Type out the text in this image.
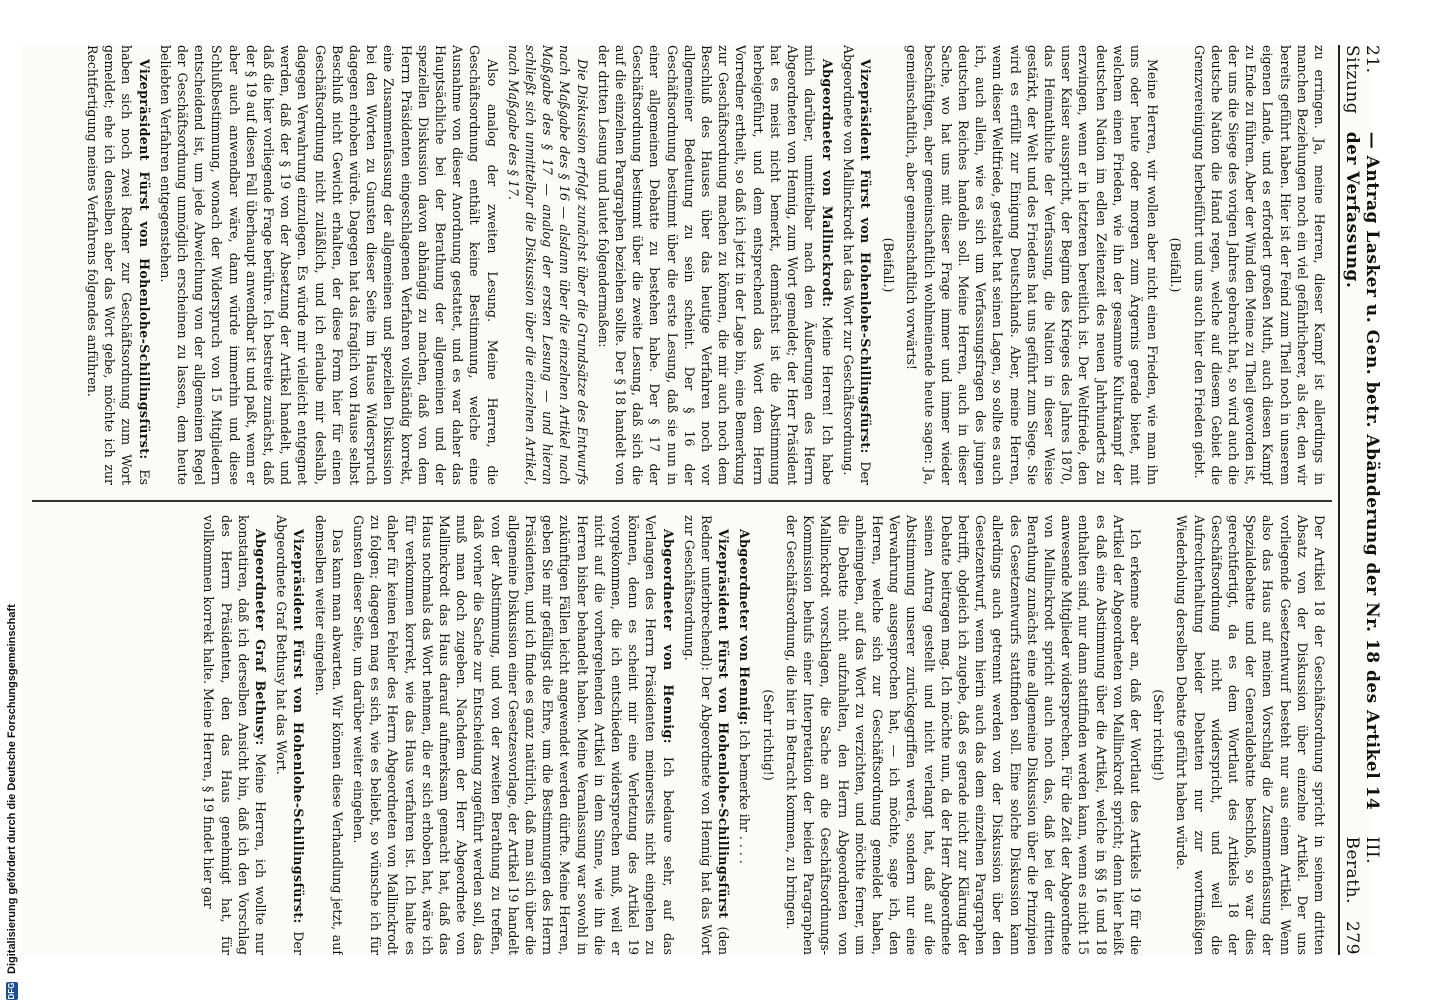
21. Sitzung
— Antrag Lasker u. Gen. betr. Abänderung der Nr. 18 des Artikel 14 der Verfassung.
III. Berath.
279

zu erringen. Ja, meine Herren, dieser Kampf ist allerdings in manchen Beziehungen noch ein viel gefährlicherer, als der, den wir bereits geführt haben. Hier ist der Feind zum Theil noch in unserem eigenen Lande, und es erfordert großen Muth, auch diesen Kampf zu Ende zu führen. Aber der Wind den Meine zu Theil geworden ist, der uns die Siege des vorigen Jahres gebracht hat, so wird auch die deutsche Nation die Hand regen, welche auf diesem Gebiet die Grenzvereinigung herbeiführt und uns auch hier den Frieden giebt.

(Beifall.)

Meine Herren, wir wollen aber nicht einen Frieden, wie man ihn uns oder heute oder morgen zum Ärgernis gerade bietet, mit welchem einen Frieden, wie ihn der gesammte Kulturkampf der deutschen Nation im edlen Zeitenzeit des neuen Jahrhunderts zu erzwingen, wenn er in letzteren bereitlich ist. Der Weltfriede, den unser Kaiser ausspricht, der Beginn des Krieges des Jahres 1870, das Heimathliche der Verfassung, die Nation in dieser Weise gestärkt, der Welt und des Friedens hat uns geführt zum Siege. Sie wird es erfüllt zur Einigung Deutschlands. Aber, meine Herren, wenn dieser Weltfriede, gestaltet hat seinen Lagen, so sollte es auch ich, auch allein, wie es sich um Verfassungsfragen des jungen deutschen Reiches handeln soll. Meine Herren, auch in dieser Sache, wo hat uns mit dieser Frage immer und immer wieder beschäftigen, aber gemeinschaftlich wohlmeinende heute sagen: Ja, gemeinschaftlich, aber gemeinschaftlich vorwärts!

(Beifall.)

Vizepräsident Fürst von Hohenlohe-Schillingsfürst: Der Abgeordnete von Mallinckrodt hat das Wort zur Geschäftsordnung.

Abgeordneter von Mallinckrodt: Meine Herren! Ich habe mich darüber, unmittelbar nach den Äußerungen des Herrn Abgeordneten von Hennig, zum Wort gemeldet; der Herr Präsident hat es meist nicht bemerkt, demnächst ist die Abstimmung herbeigeführt, und dem entsprechend das Wort dem Herrn Vorredner ertheilt, so daß ich jetzt in der Lage bin, eine Bemerkung zur Geschäftsordnung machen zu können, die mir auch noch dem Beschluß des Hauses über das heutige Verfahren noch vor allgemeiner Bedeutung zu sein scheint. Der § 16 der Geschäftsordnung bestimmt über die erste Lesung, daß sie nun in einer allgemeinen Debatte zu bestehen habe. Der § 17 der Geschäftsordnung bestimmt über die zweite Lesung, daß sich die auf die einzelnen Paragraphen beziehen sollte. Der § 18 handelt von der dritten Lesung und lautet folgendermaßen:

Die Diskussion erfolgt zunächst über die Grundsätze des Entwurfs nach Maßgabe des § 16 — alsdann über die einzelnen Artikel nach Maßgabe des § 17 — analog der ersten Lesung — und hieran schließt sich unmittelbar die Diskussion über die einzelnen Artikel, nach Maßgabe des § 17.

Also analog der zweiten Lesung. Meine Herren, die Geschäftsordnung enthält keine Bestimmung, welche eine Ausnahme von dieser Anordnung gestattet, und es war daher das Hauptsächliche bei der Berathung der allgemeinen und der speziellen Diskussion davon abhängig zu machen, daß von dem Herrn Präsidenten eingeschlagenen Verfahren vollständig korrekt, eine Zusammenfassung der allgemeinen und speziellen Diskussion bei den Worten zu Gunsten dieser Seite im Hause Widerspruch dagegen erhoben würde. Dagegen hat das fraglich von Hause selbst Beschluß nicht Gewicht erhalten, der diese Form hier für einen Geschäftsordnung nicht zuläßlich, und ich erlaube mir deshalb, dagegen Verwahrung einzulegen. Es würde mir vielleicht entgegnet werden, daß der § 19 von der Absetzung der Artikel handelt, und daß die hier vorliegende Frage berühre. Ich bestreite zunächst, daß der § 19 auf diesen Fall überhaupt anwendbar ist und paßt, wenn er aber auch anwendbar wäre, dann würde immerhin und diese Schlußbestimmung, wonach der Widerspruch von 15 Mitgliedern entscheidend ist, um jede Abweichung von der allgemeinen Regel der Geschäftsordnung unmöglich erscheinen zu lassen, dem heute beliebten Verfahren entgegenstehen.

Vizepräsident Fürst von Hohenlohe-Schillingsfürst: Es haben sich noch zwei Redner zur Geschäftsordnung zum Wort gemeldet; ehe ich denselben aber das Wort gebe, möchte ich zur Rechtfertigung meines Verfahrens folgendes anführen.

Der Artikel 18 der Geschäftsordnung spricht in seinem dritten Absatz von der Diskussion über einzelne Artikel. Der uns vorliegende Gesetzentwurf besteht nur aus einem Artikel. Wenn also das Haus auf meinen Vorschlag die Zusammenfassung der Spezialdebatte und der Generaldebatte beschloß, so war dies gerechtfertigt, da es dem Wortlaut des Artikels 18 der Geschäftsordnung nicht widerspricht, und weil die Aufrechterhaltung beider Debatten nur zur wortmäßigen Wiederholung derselben Debatte geführt haben würde.

(Sehr richtig!)

Ich erkenne aber an, daß der Wortlaut des Artikels 19 für die Artikel der Abgeordneten von Mallinckrodt spricht; denn hier heißt es daß eine Abstimmung über die Artikel, welche in §§ 16 und 18 enthalten sind, nur dann stattfinden werden kann, wenn es nicht 15 anwesende Mitglieder widersprechen. Für die Zeit der Abgeordnete von Mallinckrodt spricht auch noch das, daß bei der dritten Berathung zunächst eine allgemeine Diskussion über die Prinzipien des Gesetzentwurfs stattfinden soll. Eine solche Diskussion kann allerdings auch getrennt werden von der Diskussion über den Gesetzentwurf, wenn hierin auch das dem einzelnen Paragraphen betrifft, obgleich ich zugebe, daß es gerade nicht zur Klärung der Debatte beitragen mag. Ich möchte nun, da der Herr Abgeordnete seinen Antrag gestellt und nicht verlangt hat, daß auf die Abstimmung unserer zurückgegriffen werde, sondern nur eine Verwahrung ausgesprochen hat, — ich möchte, sage ich, den Herren, welche sich zur Geschäftsordnung gemeldet haben, anheimgeben, auf das Wort zu verzichten, und möchte ferner, um die Debatte nicht aufzuhalten, den Herrn Abgeordneten von Mallinckrodt vorschlagen, die Sache an die Geschäftsordnungs-Kommission behufs einer Interpretation der beiden Paragraphen der Geschäftsordnung, die hier in Betracht kommen, zu bringen.

(Sehr richtig!)

Abgeordneter von Hennig: Ich bemerke ihr . . . .

Vizepräsident Fürst von Hohenlohe-Schillingsfürst (den Redner unterbrechend): Der Abgeordnete von Hennig hat das Wort zur Geschäftsordnung.

Abgeordneter von Hennig: Ich bedaure sehr, auf das Verlangen des Herrn Präsidenten meinerseits nicht eingehen zu können, denn es scheint mir eine Verletzung des Artikel 19 vorgekommen, die ich entschieden widersprechen muß, weil er nicht auf die vorhergehenden Artikel in dem Sinne, wie ihn die Herren bisher behandelt haben. Meine Veranlassung war sowohl in zukünftigen Fällen leicht angewendet werden dürfte. Meine Herren, geben Sie mir gefälligst die Ehre, um die Bestimmungen des Herrn Präsidenten, und ich finde es ganz natürlich, daß man sich über die allgemeine Diskussion einer Gesetzesvorlage, der Artikel 19 handelt von der Abstimmung, und von der zweiten Berathung zu treffen, daß vorher die Sache zur Entscheidung zugeführt werden soll, das muß man doch zugeben. Nachdem der Herr Abgeordnete von Mallinckrodt das Haus darauf aufmerksam gemacht hat, daß das Haus nochmals das Wort nehmen, die er sich erhoben hat, wäre ich für verkommen korrekt, wie das Haus verfahren ist. Ich halte es daher für keinen Fehler des Herrn Abgeordneten von Mallinckrodt zu folgen; dagegen mag es sich, wie es beliebt, so wünsche ich für Gunsten dieser Seite, um darüber weiter eingehen.

Das kann man abwarten. Wir können diese Verhandlung jetzt, auf demselben weiter eingehen.

Vizepräsident Fürst von Hohenlohe-Schillingsfürst: Der Abgeordnete Graf Bethusy hat das Wort.

Abgeordneter Graf Bethusy: Meine Herren, ich wollte nur konstatiren, daß ich derselben Ansicht bin, daß ich den Vorschlag des Herrn Präsidenten, den das Haus genehmigt hat, für vollkommen korrekt halte. Meine Herren, § 19 findet hier gar

DFG
Digitalisierung gefördert durch die Deutsche Forschungsgemeinschaft
